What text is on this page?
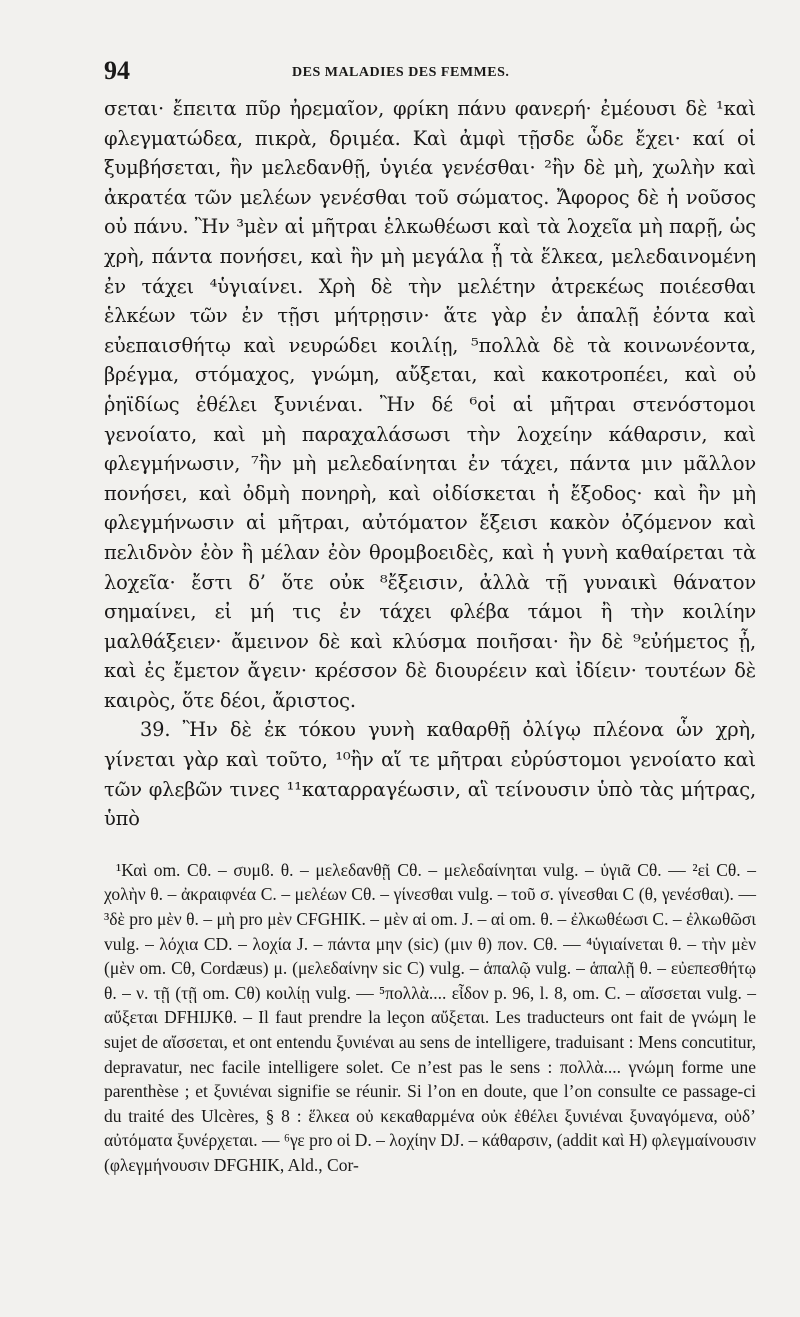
94	DES MALADIES DES FEMMES.

σεται· ἔπειτα πῦρ ἠρεμαῖον, φρίκη πάνυ φανερή· ἐμέουσι δὲ ¹καὶ φλεγματώδεα, πικρὰ, δριμέα. Καὶ ἀμφὶ τῇσδε ὧδε ἔχει· καί οἱ ξυμβήσεται, ἢν μελεδανθῇ, ὑγιέα γενέσθαι· ²ἢν δὲ μὴ, χωλὴν καὶ ἀκρατέα τῶν μελέων γενέσθαι τοῦ σώματος. Ἄφορος δὲ ἡ νοῦσος οὐ πάνυ. Ἢν ³μὲν αἱ μῆτραι ἑλκωθέωσι καὶ τὰ λοχεῖα μὴ παρῇ, ὡς χρὴ, πάντα πονήσει, καὶ ἢν μὴ μεγάλα ᾖ τὰ ἕλκεα, μελεδαινομένη ἐν τάχει ⁴ὑγιαίνει. Χρὴ δὲ τὴν μελέτην ἀτρεκέως ποιέεσθαι ἑλκέων τῶν ἐν τῇσι μήτρῃσιν· ἅτε γὰρ ἐν ἁπαλῇ ἐόντα καὶ εὐεπαισθήτῳ καὶ νευρώδει κοιλίῃ, ⁵πολλὰ δὲ τὰ κοινωνέοντα, βρέγμα, στόμαχος, γνώμη, αὔξεται, καὶ κακοτροπέει, καὶ οὐ ῥηϊδίως ἐθέλει ξυνιέναι. Ἢν δέ ⁶οἱ αἱ μῆτραι στενόστομοι γενοίατο, καὶ μὴ παραχαλάσωσι τὴν λοχείην κάθαρσιν, καὶ φλεγμήνωσιν, ⁷ἢν μὴ μελεδαίνηται ἐν τάχει, πάντα μιν μᾶλλον πονήσει, καὶ ὀδμὴ πονηρὴ, καὶ οἰδίσκεται ἡ ἔξοδος· καὶ ἢν μὴ φλεγμήνωσιν αἱ μῆτραι, αὐτόματον ἔξεισι κακὸν ὀζόμενον καὶ πελιδνὸν ἐὸν ἢ μέλαν ἐὸν θρομβοειδὲς, καὶ ἡ γυνὴ καθαίρεται τὰ λοχεῖα· ἔστι δ’ ὅτε οὐκ ⁸ἔξεισιν, ἀλλὰ τῇ γυναικὶ θάνατον σημαίνει, εἰ μή τις ἐν τάχει φλέβα τάμοι ἢ τὴν κοιλίην μαλθάξειεν· ἄμεινον δὲ καὶ κλύσμα ποιῆσαι· ἢν δὲ ⁹εὐήμετος ᾖ, καὶ ἐς ἔμετον ἄγειν· κρέσσον δὲ διουρέειν καὶ ἰδίειν· τουτέων δὲ καιρὸς, ὅτε δέοι, ἄριστος.

39. Ἢν δὲ ἐκ τόκου γυνὴ καθαρθῇ ὀλίγῳ πλέονα ὧν χρὴ, γίνεται γὰρ καὶ τοῦτο, ¹⁰ἢν αἵ τε μῆτραι εὐρύστομοι γενοίατο καὶ τῶν φλεβῶν τινες ¹¹καταρραγέωσιν, αἳ τείνουσιν ὑπὸ τὰς μήτρας, ὑπὸ

¹Καὶ om. Cθ. – συμϐ. θ. – μελεδανθῇ Cθ. – μελεδαίνηται vulg. – ὑγιᾶ Cθ. — ²εἰ Cθ. – χολὴν θ. – ἀκραιφνέα C. – μελέων Cθ. – γίνεσθαι vulg. – τοῦ σ. γίνεσθαι C (θ, γενέσθαι). — ³δὲ pro μὲν θ. – μὴ pro μὲν CFGHIK. – μὲν αἱ om. J. – αἱ om. θ. – ἐλκωθέωσι C. – ἐλκωθῶσι vulg. – λόχια CD. – λοχία J. – πάντα μην (sic) (μιν θ) πον. Cθ. — ⁴ὑγιαίνεται θ. – τὴν μὲν (μὲν om. Cθ, Cordæus) μ. (μελεδαίνην sic C) vulg. – ἁπαλῷ vulg. – ἁπαλῇ θ. – εὐεπεσθήτῳ θ. – ν. τῇ (τῇ om. Cθ) κοιλίῃ vulg. — ⁵πολλὰ.... εἶδον p. 96, l. 8, om. C. – αἴσσεται vulg. – αὔξεται DFHIJKθ. – Il faut prendre la leçon αὔξεται. Les traducteurs ont fait de γνώμη le sujet de αἴσσεται, et ont entendu ξυνιέναι au sens de intelligere, traduisant : Mens concutitur, depravatur, nec facile intelligere solet. Ce n’est pas le sens : πολλὰ.... γνώμη forme une parenthèse ; et ξυνιέναι signifie se réunir. Si l’on en doute, que l’on consulte ce passage-ci du traité des Ulcères, § 8 : ἕλκεα οὐ κεκαθαρμένα οὐκ ἐθέλει ξυνιέναι ξυναγόμενα, οὐδ’ αὐτόματα ξυνέρχεται. — ⁶γε pro οἱ D. – λοχίην DJ. – κάθαρσιν, (addit καὶ H) φλεγμαίνουσιν (φλεγμήνουσιν DFGHIK, Ald., Cor-
